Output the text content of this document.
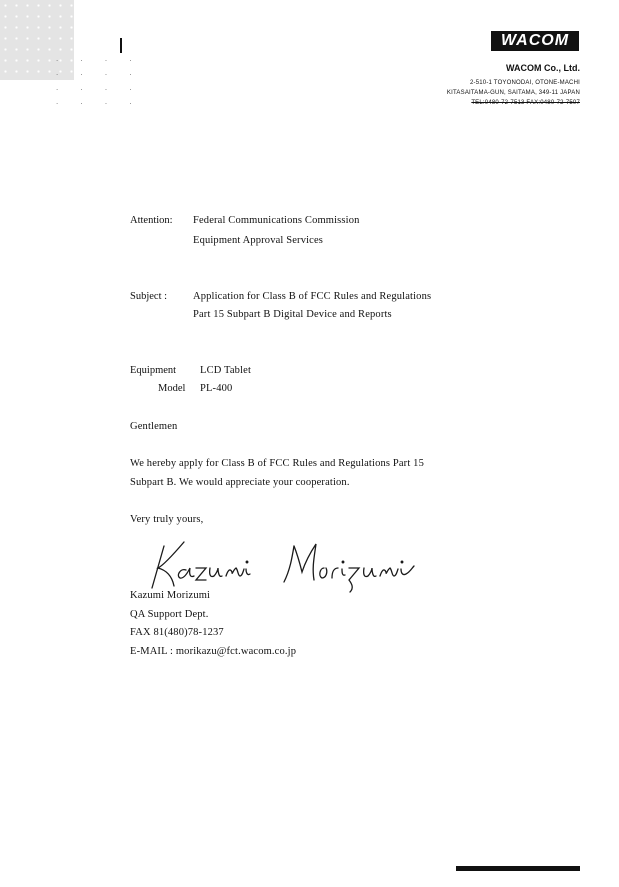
· · · ·
· · · ·
· · · ·
· · · ·
WACOM
WACOM Co., Ltd.
2-510-1 TOYONODAI, OTONE-MACHI
KITASAITAMA-GUN, SAITAMA, 349-11 JAPAN
TEL:0480-72-7513 FAX:0480-72-7507
Attention: Federal Communications Commission
Equipment Approval Services
Subject : Application for Class B of FCC Rules and Regulations
Part 15 Subpart B Digital Device and Reports
Equipment LCD Tablet
Model PL-400
Gentlemen
We hereby apply for Class B of FCC Rules and Regulations Part 15
Subpart B. We would appreciate your cooperation.
Very truly yours,
Kazumi Morizumi
QA Support Dept.
FAX 81(480)78-1237
E-MAIL : morikazu@fct.wacom.co.jp
